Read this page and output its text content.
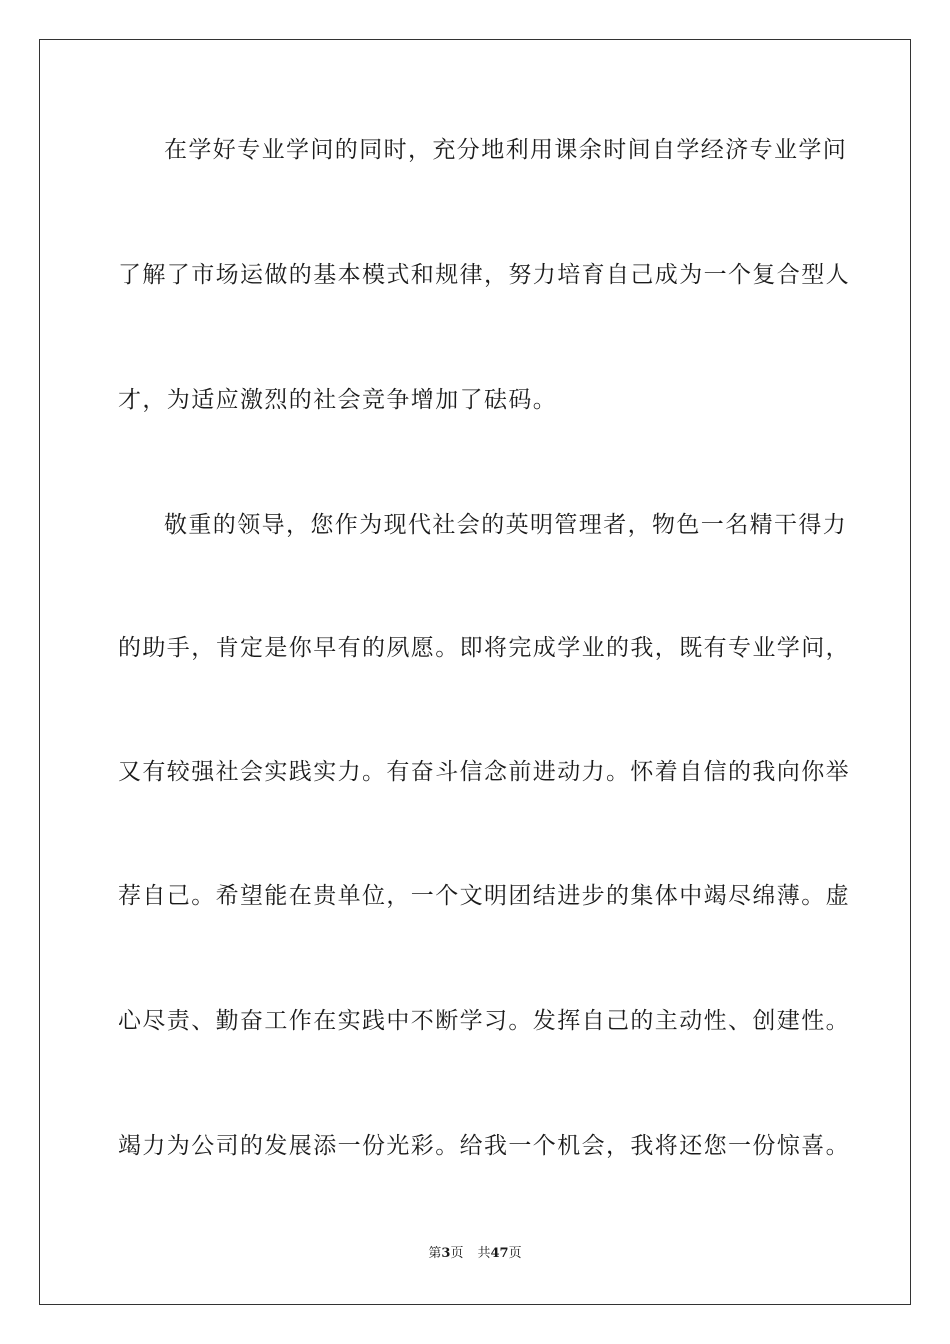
在学好专业学问的同时，充分地利用课余时间自学经济专业学问
了解了市场运做的基本模式和规律，努力培育自己成为一个复合型人
才，为适应激烈的社会竞争增加了砝码。
敬重的领导，您作为现代社会的英明管理者，物色一名精干得力
的助手，肯定是你早有的夙愿。即将完成学业的我，既有专业学问，
又有较强社会实践实力。有奋斗信念前进动力。怀着自信的我向你举
荐自己。希望能在贵单位，一个文明团结进步的集体中竭尽绵薄。虚
心尽责、勤奋工作在实践中不断学习。发挥自己的主动性、创建性。
竭力为公司的发展添一份光彩。给我一个机会，我将还您一份惊喜。
第3页 共47页
